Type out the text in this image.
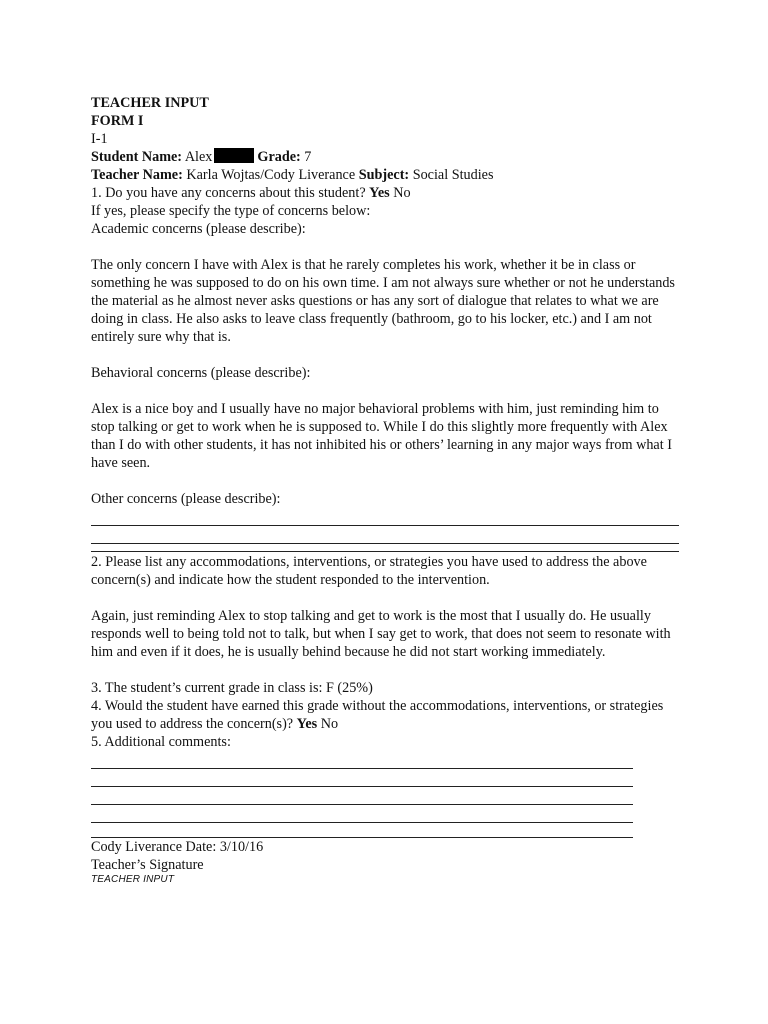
TEACHER INPUT
FORM I
I-1
Student Name: Alex	Grade: 7
Teacher Name: Karla Wojtas/Cody Liverance Subject: Social Studies
1. Do you have any concerns about this student? Yes No
If yes, please specify the type of concerns below:
Academic concerns (please describe):
The only concern I have with Alex is that he rarely completes his work, whether it be in class or something he was supposed to do on his own time. I am not always sure whether or not he understands the material as he almost never asks questions or has any sort of dialogue that relates to what we are doing in class. He also asks to leave class frequently (bathroom, go to his locker, etc.) and I am not entirely sure why that is.
Behavioral concerns (please describe):
Alex is a nice boy and I usually have no major behavioral problems with him, just reminding him to stop talking or get to work when he is supposed to. While I do this slightly more frequently with Alex than I do with other students, it has not inhibited his or others’ learning in any major ways from what I have seen.
Other concerns (please describe):
2. Please list any accommodations, interventions, or strategies you have used to address the above concern(s) and indicate how the student responded to the intervention.
Again, just reminding Alex to stop talking and get to work is the most that I usually do. He usually responds well to being told not to talk, but when I say get to work, that does not seem to resonate with him and even if it does, he is usually behind because he did not start working immediately.
3. The student’s current grade in class is: F (25%)
4. Would the student have earned this grade without the accommodations, interventions, or strategies you used to address the concern(s)? Yes No
5. Additional comments:
Cody Liverance Date: 3/10/16
Teacher’s Signature
TEACHER INPUT
